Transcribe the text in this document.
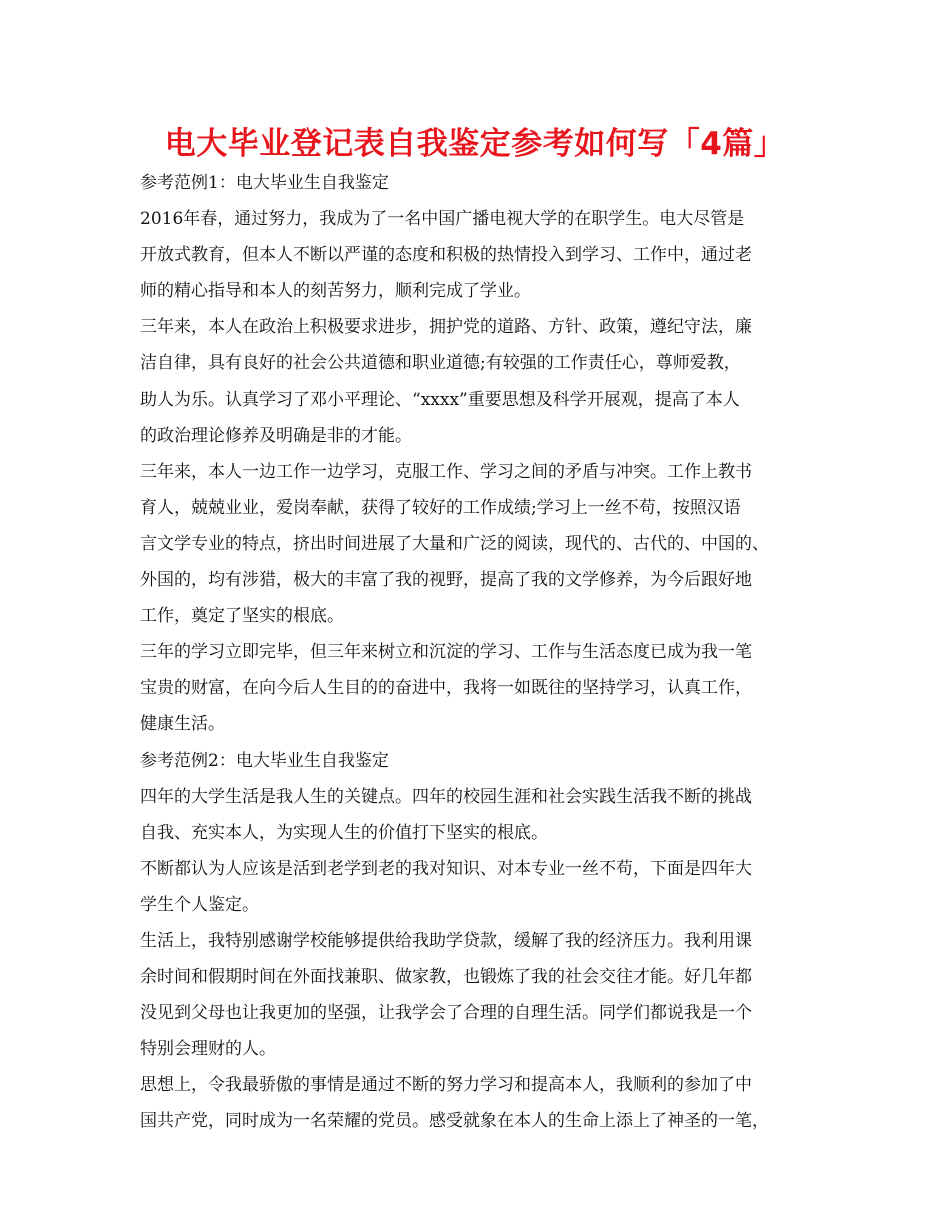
电大毕业登记表自我鉴定参考如何写「4篇」
参考范例1：电大毕业生自我鉴定
2016年春，通过努力，我成为了一名中国广播电视大学的在职学生。电大尽管是
开放式教育，但本人不断以严谨的态度和积极的热情投入到学习、工作中，通过老
师的精心指导和本人的刻苦努力，顺利完成了学业。
三年来，本人在政治上积极要求进步，拥护党的道路、方针、政策，遵纪守法，廉
洁自律，具有良好的社会公共道德和职业道德;有较强的工作责任心，尊师爱教，
助人为乐。认真学习了邓小平理论、“xxxx”重要思想及科学开展观，提高了本人
的政治理论修养及明确是非的才能。
三年来，本人一边工作一边学习，克服工作、学习之间的矛盾与冲突。工作上教书
育人，兢兢业业，爱岗奉献，获得了较好的工作成绩;学习上一丝不苟，按照汉语
言文学专业的特点，挤出时间进展了大量和广泛的阅读，现代的、古代的、中国的、
外国的，均有涉猎，极大的丰富了我的视野，提高了我的文学修养，为今后跟好地
工作，奠定了坚实的根底。
三年的学习立即完毕，但三年来树立和沉淀的学习、工作与生活态度已成为我一笔
宝贵的财富，在向今后人生目的的奋进中，我将一如既往的坚持学习，认真工作，
健康生活。
参考范例2：电大毕业生自我鉴定
四年的大学生活是我人生的关键点。四年的校园生涯和社会实践生活我不断的挑战
自我、充实本人，为实现人生的价值打下坚实的根底。
不断都认为人应该是活到老学到老的我对知识、对本专业一丝不苟，下面是四年大
学生个人鉴定。
生活上，我特别感谢学校能够提供给我助学贷款，缓解了我的经济压力。我利用课
余时间和假期时间在外面找兼职、做家教，也锻炼了我的社会交往才能。好几年都
没见到父母也让我更加的坚强，让我学会了合理的自理生活。同学们都说我是一个
特别会理财的人。
思想上，令我最骄傲的事情是通过不断的努力学习和提高本人，我顺利的参加了中
国共产党，同时成为一名荣耀的党员。感受就象在本人的生命上添上了神圣的一笔，
